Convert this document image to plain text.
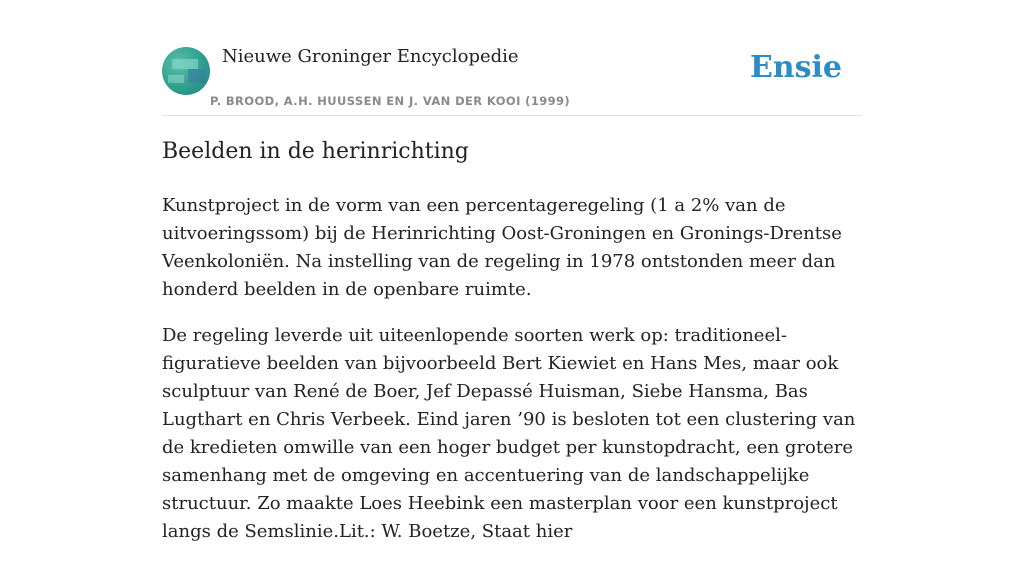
Nieuwe Groninger Encyclopedie
P. BROOD, A.H. HUUSSEN EN J. VAN DER KOOI (1999)
Ensie
Beelden in de herinrichting

Kunstproject in de vorm van een percentageregeling (1 a 2% van de uitvoeringssom) bij de Herinrichting Oost-Groningen en Gronings-Drentse Veenkoloniën. Na instelling van de regeling in 1978 ontstonden meer dan honderd beelden in de openbare ruimte.

De regeling leverde uit uiteenlopende soorten werk op: traditioneel-figuratieve beelden van bijvoorbeeld Bert Kiewiet en Hans Mes, maar ook sculptuur van René de Boer, Jef Depassé Huisman, Siebe Hansma, Bas Lugthart en Chris Verbeek. Eind jaren ’90 is besloten tot een clustering van de kredieten omwille van een hoger budget per kunstopdracht, een grotere samenhang met de omgeving en accentuering van de landschappelijke structuur. Zo maakte Loes Heebink een masterplan voor een kunstproject langs de Semslinie.Lit.: W. Boetze, Staat hier
